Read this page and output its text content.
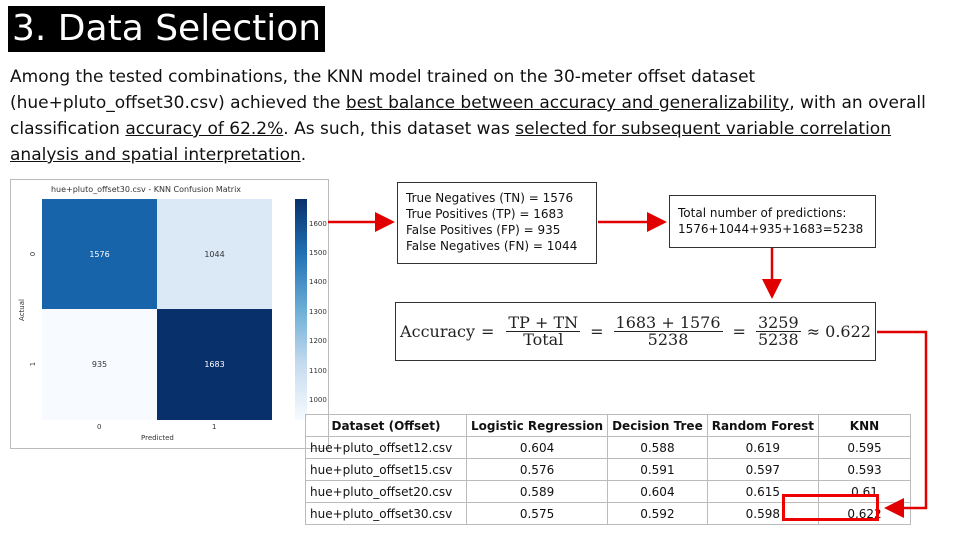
3. Data Selection
Among the tested combinations, the KNN model trained on the 30-meter offset dataset (hue+pluto_offset30.csv) achieved the best balance between accuracy and generalizability, with an overall classification accuracy of 62.2%. As such, this dataset was selected for subsequent variable correlation analysis and spatial interpretation.
hue+pluto_offset30.csv - KNN Confusion Matrix
1576	1044
935	1683
0
1
Actual
0	1
Predicted
1600
1500
1400
1300
1200
1100
1000
True Negatives (TN) = 1576
True Positives (TP) = 1683
False Positives (FP) = 935
False Negatives (FN) = 1044
Total number of predictions:
1576+1044+935+1683=5238
Accuracy = $\frac{TP + TN}{\text{Total}} = \frac{1683 + 1576}{5238} = \frac{3259}{5238} \approx 0.622$
Dataset (Offset)	Logistic Regression	Decision Tree	Random Forest	KNN
hue+pluto_offset12.csv	0.604	0.588	0.619	0.595
hue+pluto_offset15.csv	0.576	0.591	0.597	0.593
hue+pluto_offset20.csv	0.589	0.604	0.615	0.61
hue+pluto_offset30.csv	0.575	0.592	0.598	0.622
